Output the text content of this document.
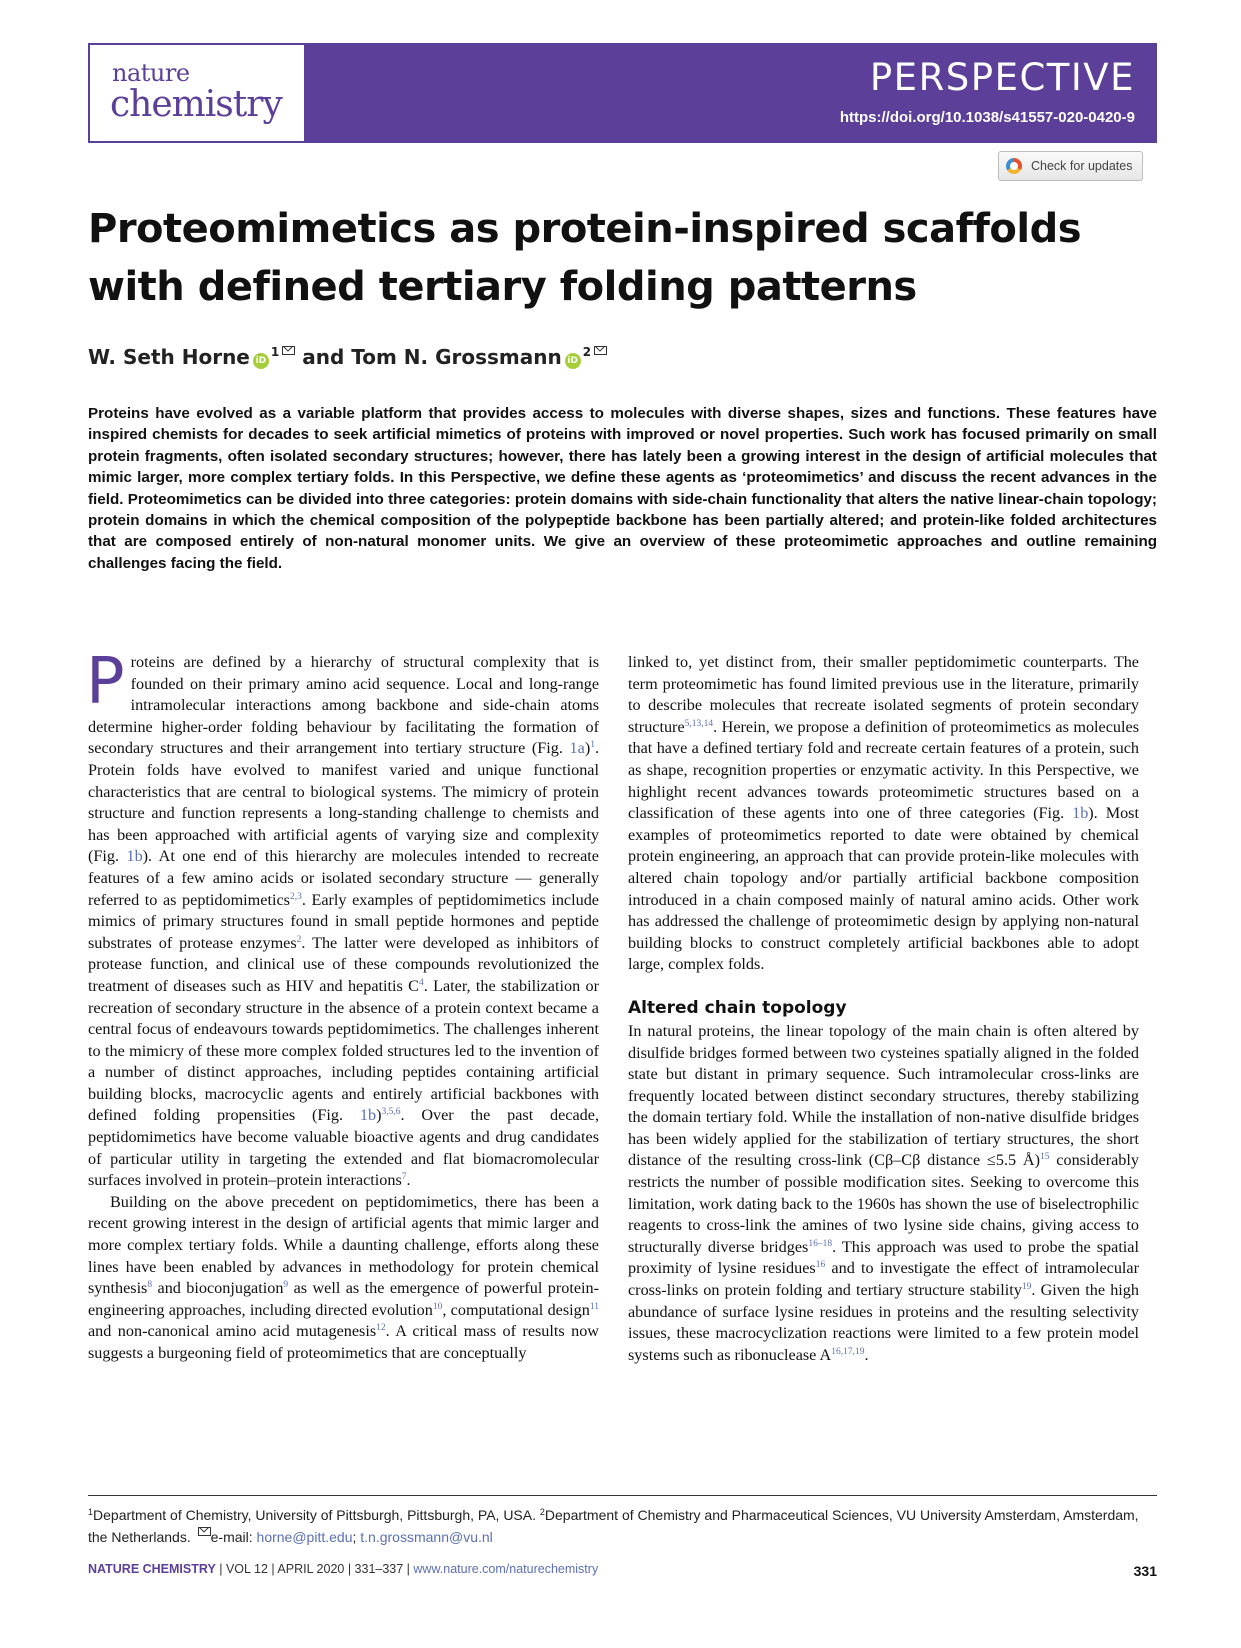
nature
chemistry
PERSPECTIVE
https://doi.org/10.1038/s41557-020-0420-9
Check for updates
Proteomimetics as protein-inspired scaffolds with defined tertiary folding patterns
W. Seth Horne iD$^1$ and Tom N. Grossmann iD$^2$

Proteins have evolved as a variable platform that provides access to molecules with diverse shapes, sizes and functions. These features have inspired chemists for decades to seek artificial mimetics of proteins with improved or novel properties. Such work has focused primarily on small protein fragments, often isolated secondary structures; however, there has lately been a growing interest in the design of artificial molecules that mimic larger, more complex tertiary folds. In this Perspective, we define these agents as ‘proteomimetics’ and discuss the recent advances in the field. Proteomimetics can be divided into three categories: protein domains with side-chain functionality that alters the native linear-chain topology; protein domains in which the chemical composition of the polypeptide backbone has been partially altered; and protein-like folded architectures that are composed entirely of non-natural monomer units. We give an overview of these proteomimetic approaches and outline remaining challenges facing the field.

Proteins are defined by a hierarchy of structural complexity that is founded on their primary amino acid sequence. Local and long-range intramolecular interactions among backbone and side-chain atoms determine higher-order folding behaviour by facilitating the formation of secondary structures and their arrangement into tertiary structure (Fig. 1a)$^1$. Protein folds have evolved to manifest varied and unique functional characteristics that are central to biological systems. The mimicry of protein structure and function represents a long-standing challenge to chemists and has been approached with artificial agents of varying size and complexity (Fig. 1b). At one end of this hierarchy are molecules intended to recreate features of a few amino acids or isolated secondary structure — generally referred to as peptidomimetics$^{2,3}$. Early examples of peptidomimetics include mimics of primary structures found in small peptide hormones and peptide substrates of protease enzymes$^2$. The latter were developed as inhibitors of protease function, and clinical use of these compounds revolutionized the treatment of diseases such as HIV and hepatitis C$^4$. Later, the stabilization or recreation of secondary structure in the absence of a protein context became a central focus of endeavours towards peptidomimetics. The challenges inherent to the mimicry of these more complex folded structures led to the invention of a number of distinct approaches, including peptides containing artificial building blocks, macrocyclic agents and entirely artificial backbones with defined folding propensities (Fig. 1b)$^{3,5,6}$. Over the past decade, peptidomimetics have become valuable bioactive agents and drug candidates of particular utility in targeting the extended and flat biomacromolecular surfaces involved in protein–protein interactions$^7$.

Building on the above precedent on peptidomimetics, there has been a recent growing interest in the design of artificial agents that mimic larger and more complex tertiary folds. While a daunting challenge, efforts along these lines have been enabled by advances in methodology for protein chemical synthesis$^8$ and bioconjugation$^9$ as well as the emergence of powerful protein-engineering approaches, including directed evolution$^{10}$, computational design$^{11}$ and non-canonical amino acid mutagenesis$^{12}$. A critical mass of results now suggests a burgeoning field of proteomimetics that are conceptually

linked to, yet distinct from, their smaller peptidomimetic counterparts. The term proteomimetic has found limited previous use in the literature, primarily to describe molecules that recreate isolated segments of protein secondary structure$^{5,13,14}$. Herein, we propose a definition of proteomimetics as molecules that have a defined tertiary fold and recreate certain features of a protein, such as shape, recognition properties or enzymatic activity. In this Perspective, we highlight recent advances towards proteomimetic structures based on a classification of these agents into one of three categories (Fig. 1b). Most examples of proteomimetics reported to date were obtained by chemical protein engineering, an approach that can provide protein-like molecules with altered chain topology and/or partially artificial backbone composition introduced in a chain composed mainly of natural amino acids. Other work has addressed the challenge of proteomimetic design by applying non-natural building blocks to construct completely artificial backbones able to adopt large, complex folds.

Altered chain topology

In natural proteins, the linear topology of the main chain is often altered by disulfide bridges formed between two cysteines spatially aligned in the folded state but distant in primary sequence. Such intramolecular cross-links are frequently located between distinct secondary structures, thereby stabilizing the domain tertiary fold. While the installation of non-native disulfide bridges has been widely applied for the stabilization of tertiary structures, the short distance of the resulting cross-link (Cβ–Cβ distance ≤5.5 Å)$^{15}$ considerably restricts the number of possible modification sites. Seeking to overcome this limitation, work dating back to the 1960s has shown the use of biselectrophilic reagents to cross-link the amines of two lysine side chains, giving access to structurally diverse bridges$^{16-18}$. This approach was used to probe the spatial proximity of lysine residues$^{16}$ and to investigate the effect of intramolecular cross-links on protein folding and tertiary structure stability$^{19}$. Given the high abundance of surface lysine residues in proteins and the resulting selectivity issues, these macrocyclization reactions were limited to a few protein model systems such as ribonuclease A$^{16,17,19}$.

$^1$Department of Chemistry, University of Pittsburgh, Pittsburgh, PA, USA. $^2$Department of Chemistry and Pharmaceutical Sciences, VU University Amsterdam, Amsterdam, the Netherlands. e-mail: horne@pitt.edu; t.n.grossmann@vu.nl
NATURE CHEMISTRY | VOL 12 | APRIL 2020 | 331–337 | www.nature.com/naturechemistry	331
